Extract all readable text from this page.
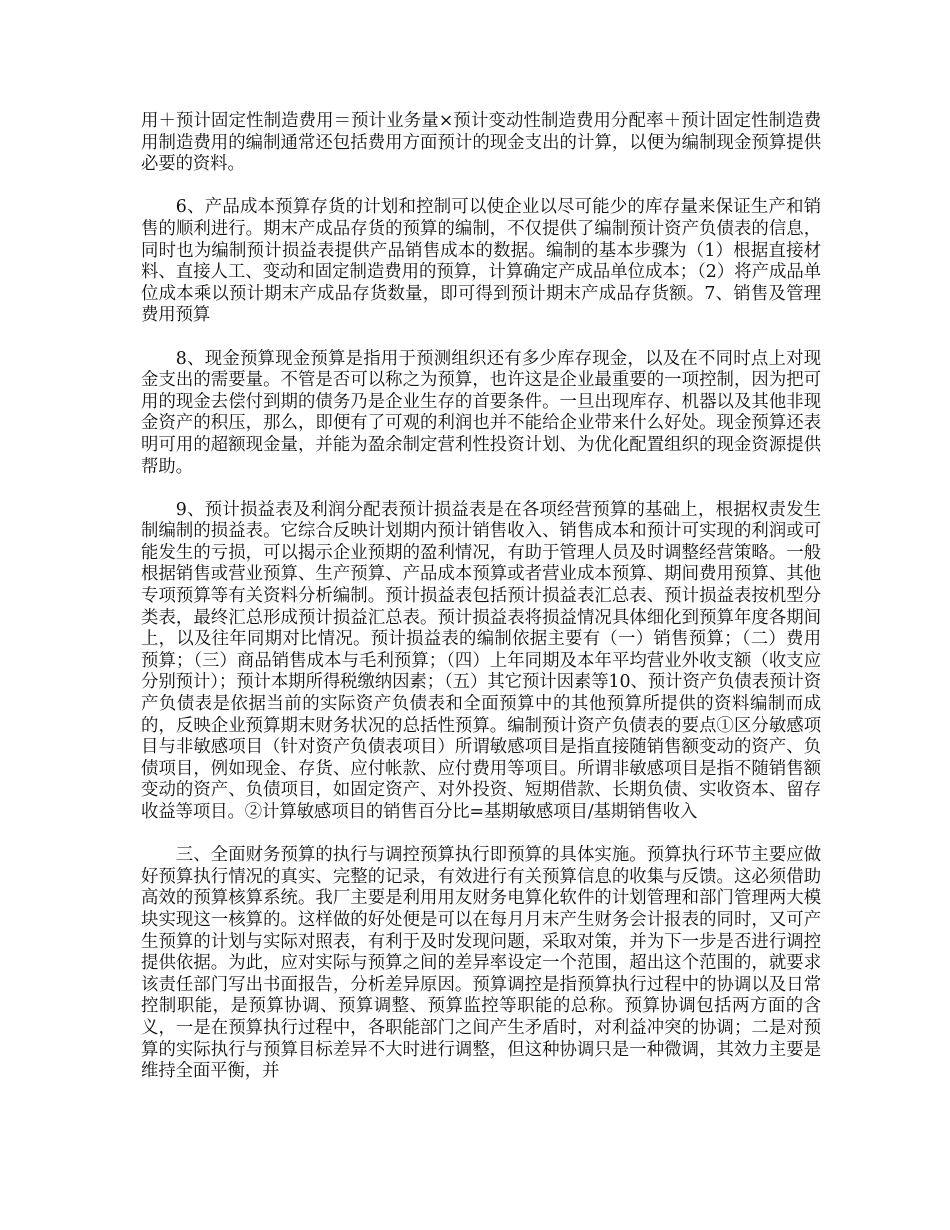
用＋预计固定性制造费用＝预计业务量×预计变动性制造费用分配率＋预计固定性制造费用制造费用的编制通常还包括费用方面预计的现金支出的计算，以便为编制现金预算提供必要的资料。

6、产品成本预算存货的计划和控制可以使企业以尽可能少的库存量来保证生产和销售的顺利进行。期末产成品存货的预算的编制，不仅提供了编制预计资产负债表的信息，同时也为编制预计损益表提供产品销售成本的数据。编制的基本步骤为（1）根据直接材料、直接人工、变动和固定制造费用的预算，计算确定产成品单位成本；（2）将产成品单位成本乘以预计期末产成品存货数量，即可得到预计期末产成品存货额。7、销售及管理费用预算

8、现金预算现金预算是指用于预测组织还有多少库存现金，以及在不同时点上对现金支出的需要量。不管是否可以称之为预算，也许这是企业最重要的一项控制，因为把可用的现金去偿付到期的债务乃是企业生存的首要条件。一旦出现库存、机器以及其他非现金资产的积压，那么，即便有了可观的利润也并不能给企业带来什么好处。现金预算还表明可用的超额现金量，并能为盈余制定营利性投资计划、为优化配置组织的现金资源提供帮助。

9、预计损益表及利润分配表预计损益表是在各项经营预算的基础上，根据权责发生制编制的损益表。它综合反映计划期内预计销售收入、销售成本和预计可实现的利润或可能发生的亏损，可以揭示企业预期的盈利情况，有助于管理人员及时调整经营策略。一般根据销售或营业预算、生产预算、产品成本预算或者营业成本预算、期间费用预算、其他专项预算等有关资料分析编制。预计损益表包括预计损益表汇总表、预计损益表按机型分类表，最终汇总形成预计损益汇总表。预计损益表将损益情况具体细化到预算年度各期间上，以及往年同期对比情况。预计损益表的编制依据主要有（一）销售预算；（二）费用预算；（三）商品销售成本与毛利预算；（四）上年同期及本年平均营业外收支额（收支应分别预计）；预计本期所得税缴纳因素；（五）其它预计因素等10、预计资产负债表预计资产负债表是依据当前的实际资产负债表和全面预算中的其他预算所提供的资料编制而成的，反映企业预算期末财务状况的总括性预算。编制预计资产负债表的要点①区分敏感项目与非敏感项目（针对资产负债表项目）所谓敏感项目是指直接随销售额变动的资产、负债项目，例如现金、存货、应付帐款、应付费用等项目。所谓非敏感项目是指不随销售额变动的资产、负债项目，如固定资产、对外投资、短期借款、长期负债、实收资本、留存收益等项目。②计算敏感项目的销售百分比=基期敏感项目/基期销售收入

三、全面财务预算的执行与调控预算执行即预算的具体实施。预算执行环节主要应做好预算执行情况的真实、完整的记录，有效进行有关预算信息的收集与反馈。这必须借助高效的预算核算系统。我厂主要是利用用友财务电算化软件的计划管理和部门管理两大模块实现这一核算的。这样做的好处便是可以在每月月末产生财务会计报表的同时，又可产生预算的计划与实际对照表，有利于及时发现问题，采取对策，并为下一步是否进行调控提供依据。为此，应对实际与预算之间的差异率设定一个范围，超出这个范围的，就要求该责任部门写出书面报告，分析差异原因。预算调控是指预算执行过程中的协调以及日常控制职能，是预算协调、预算调整、预算监控等职能的总称。预算协调包括两方面的含义，一是在预算执行过程中，各职能部门之间产生矛盾时，对利益冲突的协调；二是对预算的实际执行与预算目标差异不大时进行调整，但这种协调只是一种微调，其效力主要是维持全面平衡，并
